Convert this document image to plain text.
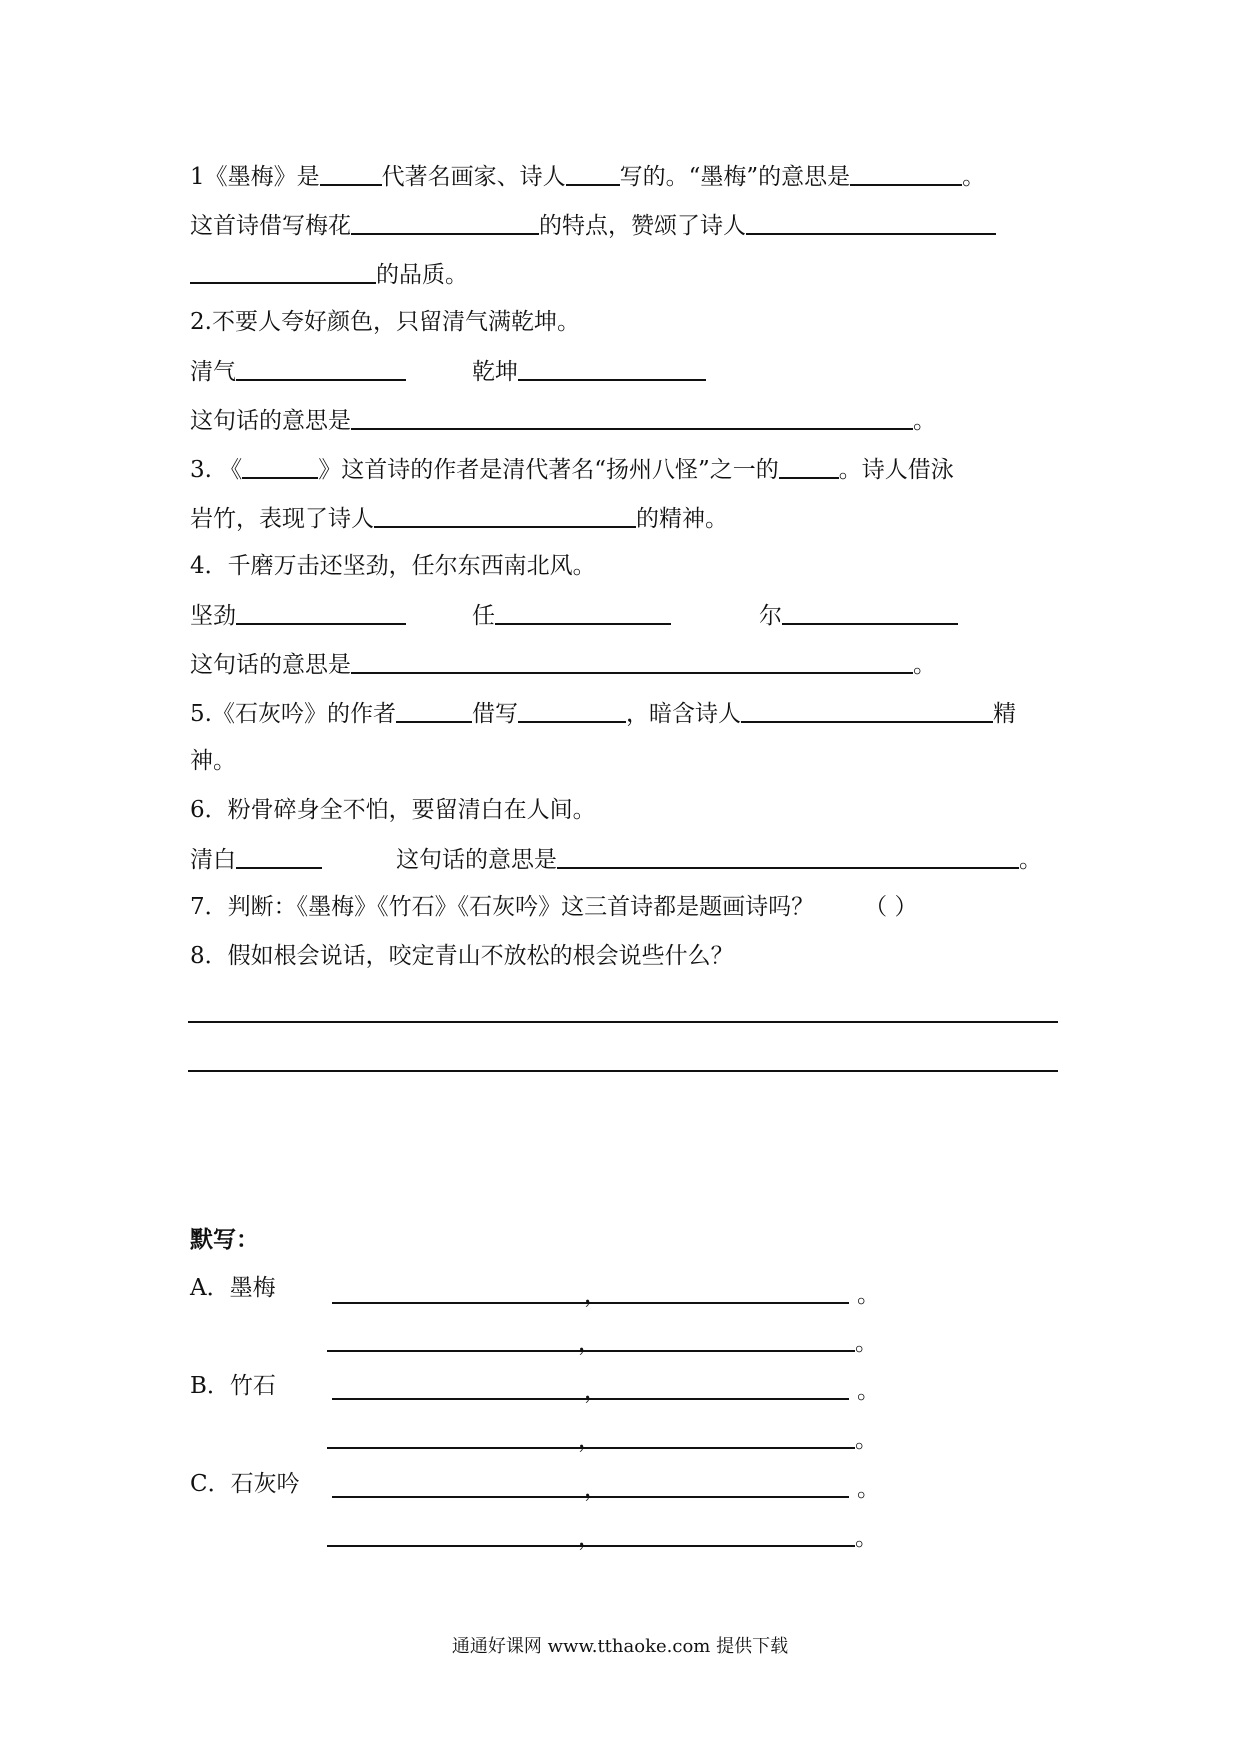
1《墨梅》是	代著名画家、诗人 写的。“墨梅”的意思是	。
这首诗借写梅花	的特点，赞颂了诗人
的品质。
2.不要人夸好颜色，只留清气满乾坤。
清气	乾坤
这句话的意思是	。
3. 《	》这首诗的作者是清代著名“扬州八怪”之一的	。诗人借泳
岩竹，表现了诗人	的精神。
4．千磨万击还坚劲，任尔东西南北风。
坚劲	任	尔
这句话的意思是	。
5.《石灰吟》的作者	借写	，暗含诗人	精
神。
6．粉骨碎身全不怕，要留清白在人间。
清白	这句话的意思是	。
7．判断：《墨梅》《竹石》《石灰吟》这三首诗都是题画诗吗？ （ ）
8．假如根会说话，咬定青山不放松的根会说些什么？
默写：
A．墨梅	，	。
，	。
B．竹石	，	。
，	。
C．石灰吟	，	。
，	。
通通好课网 www.tthaoke.com 提供下载
